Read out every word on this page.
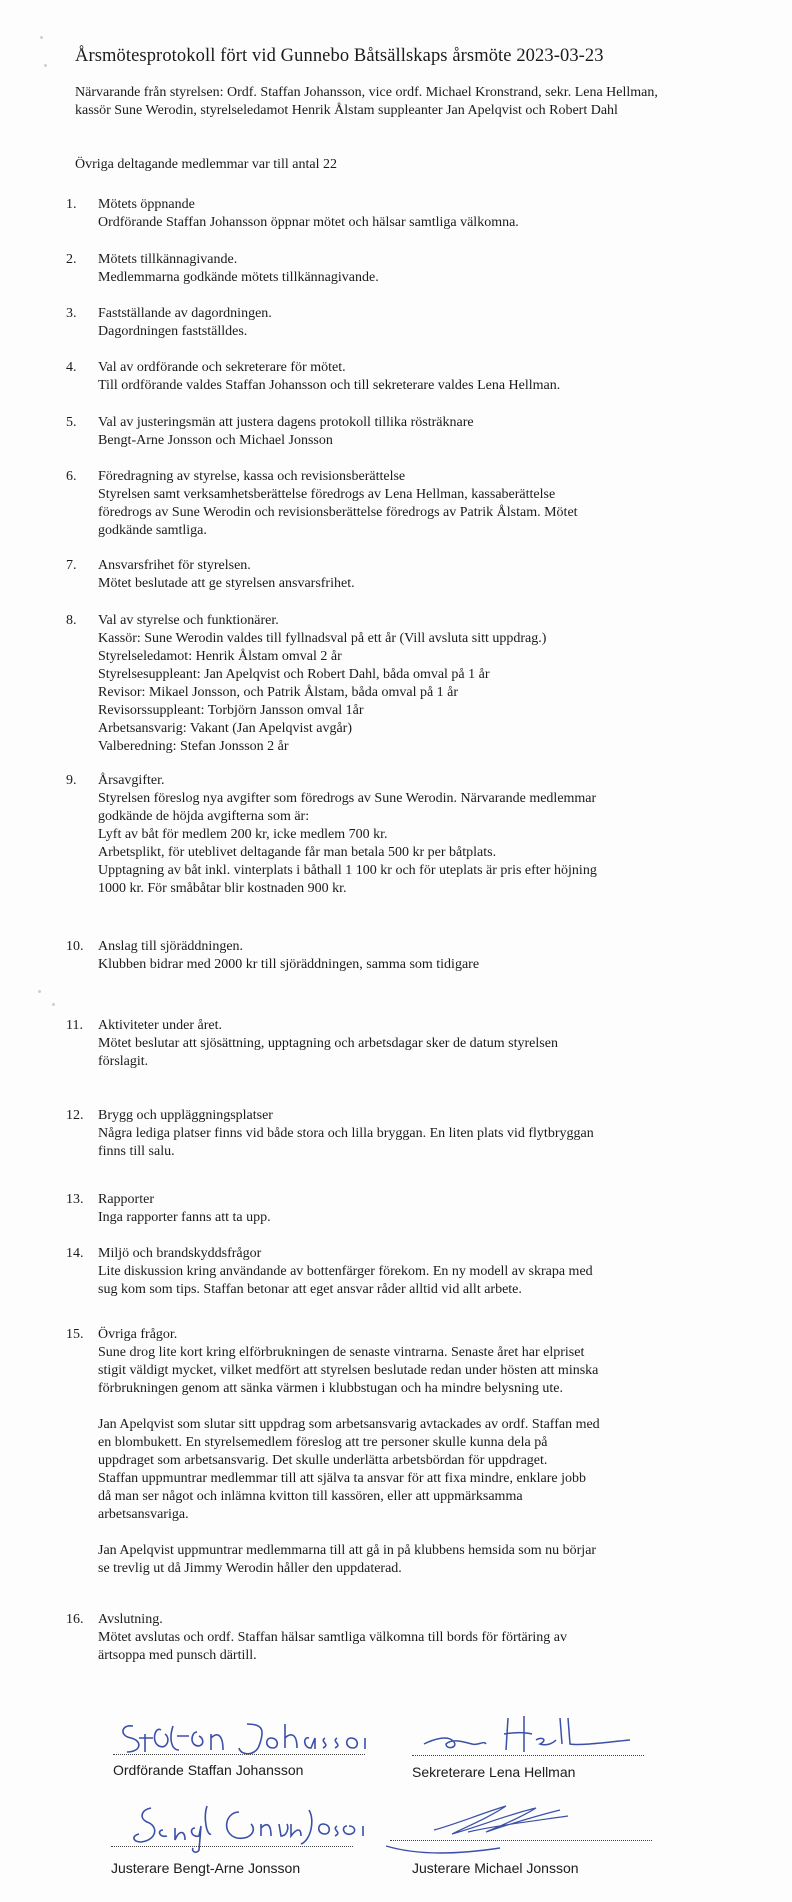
Årsmötesprotokoll fört vid Gunnebo Båtsällskaps årsmöte 2023-03-23

Närvarande från styrelsen: Ordf. Staffan Johansson, vice ordf. Michael Kronstrand, sekr. Lena Hellman, kassör Sune Werodin, styrelseledamot Henrik Ålstam suppleanter Jan Apelqvist och Robert Dahl

Övriga deltagande medlemmar var till antal 22

1.	Mötets öppnande
Ordförande Staffan Johansson öppnar mötet och hälsar samtliga välkomna.
2.	Mötets tillkännagivande.
Medlemmarna godkände mötets tillkännagivande.
3.	Fastställande av dagordningen.
Dagordningen fastställdes.
4.	Val av ordförande och sekreterare för mötet.
Till ordförande valdes Staffan Johansson och till sekreterare valdes Lena Hellman.
5.	Val av justeringsmän att justera dagens protokoll tillika rösträknare
Bengt-Arne Jonsson och Michael Jonsson
6.	Föredragning av styrelse, kassa och revisionsberättelse
Styrelsen samt verksamhetsberättelse föredrogs av Lena Hellman, kassaberättelse
föredrogs av Sune Werodin och revisionsberättelse föredrogs av Patrik Ålstam. Mötet
godkände samtliga.
7.	Ansvarsfrihet för styrelsen.
Mötet beslutade att ge styrelsen ansvarsfrihet.
8.	Val av styrelse och funktionärer.
Kassör: Sune Werodin valdes till fyllnadsval på ett år (Vill avsluta sitt uppdrag.)
Styrelseledamot: Henrik Ålstam omval 2 år
Styrelsesuppleant: Jan Apelqvist och Robert Dahl, båda omval på 1 år
Revisor: Mikael Jonsson, och Patrik Ålstam, båda omval på 1 år
Revisorssuppleant: Torbjörn Jansson omval 1år
Arbetsansvarig: Vakant (Jan Apelqvist avgår)
Valberedning: Stefan Jonsson 2 år
9.	Årsavgifter.
Styrelsen föreslog nya avgifter som föredrogs av Sune Werodin. Närvarande medlemmar
godkände de höjda avgifterna som är:
Lyft av båt för medlem 200 kr, icke medlem 700 kr.
Arbetsplikt, för uteblivet deltagande får man betala 500 kr per båtplats.
Upptagning av båt inkl. vinterplats i båthall 1 100 kr och för uteplats är pris efter höjning
1000 kr. För småbåtar blir kostnaden 900 kr.
10.	Anslag till sjöräddningen.
Klubben bidrar med 2000 kr till sjöräddningen, samma som tidigare
11.	Aktiviteter under året.
Mötet beslutar att sjösättning, upptagning och arbetsdagar sker de datum styrelsen
förslagit.
12.	Brygg och uppläggningsplatser
Några lediga platser finns vid både stora och lilla bryggan. En liten plats vid flytbryggan
finns till salu.
13.	Rapporter
Inga rapporter fanns att ta upp.
14.	Miljö och brandskyddsfrågor
Lite diskussion kring användande av bottenfärger förekom. En ny modell av skrapa med
sug kom som tips. Staffan betonar att eget ansvar råder alltid vid allt arbete.
15.	Övriga frågor.
Sune drog lite kort kring elförbrukningen de senaste vintrarna. Senaste året har elpriset
stigit väldigt mycket, vilket medfört att styrelsen beslutade redan under hösten att minska
förbrukningen genom att sänka värmen i klubbstugan och ha mindre belysning ute.
Jan Apelqvist som slutar sitt uppdrag som arbetsansvarig avtackades av ordf. Staffan med
en blombukett. En styrelsemedlem föreslog att tre personer skulle kunna dela på
uppdraget som arbetsansvarig. Det skulle underlätta arbetsbördan för uppdraget.
Staffan uppmuntrar medlemmar till att själva ta ansvar för att fixa mindre, enklare jobb
då man ser något och inlämna kvitton till kassören, eller att uppmärksamma
arbetsansvariga.
Jan Apelqvist uppmuntrar medlemmarna till att gå in på klubbens hemsida som nu börjar
se trevlig ut då Jimmy Werodin håller den uppdaterad.
16.	Avslutning.
Mötet avslutas och ordf. Staffan hälsar samtliga välkomna till bords för förtäring av
ärtsoppa med punsch därtill.
Ordförande Staffan Johansson	Sekreterare Lena Hellman
Justerare Bengt-Arne Jonsson	Justerare Michael Jonsson
